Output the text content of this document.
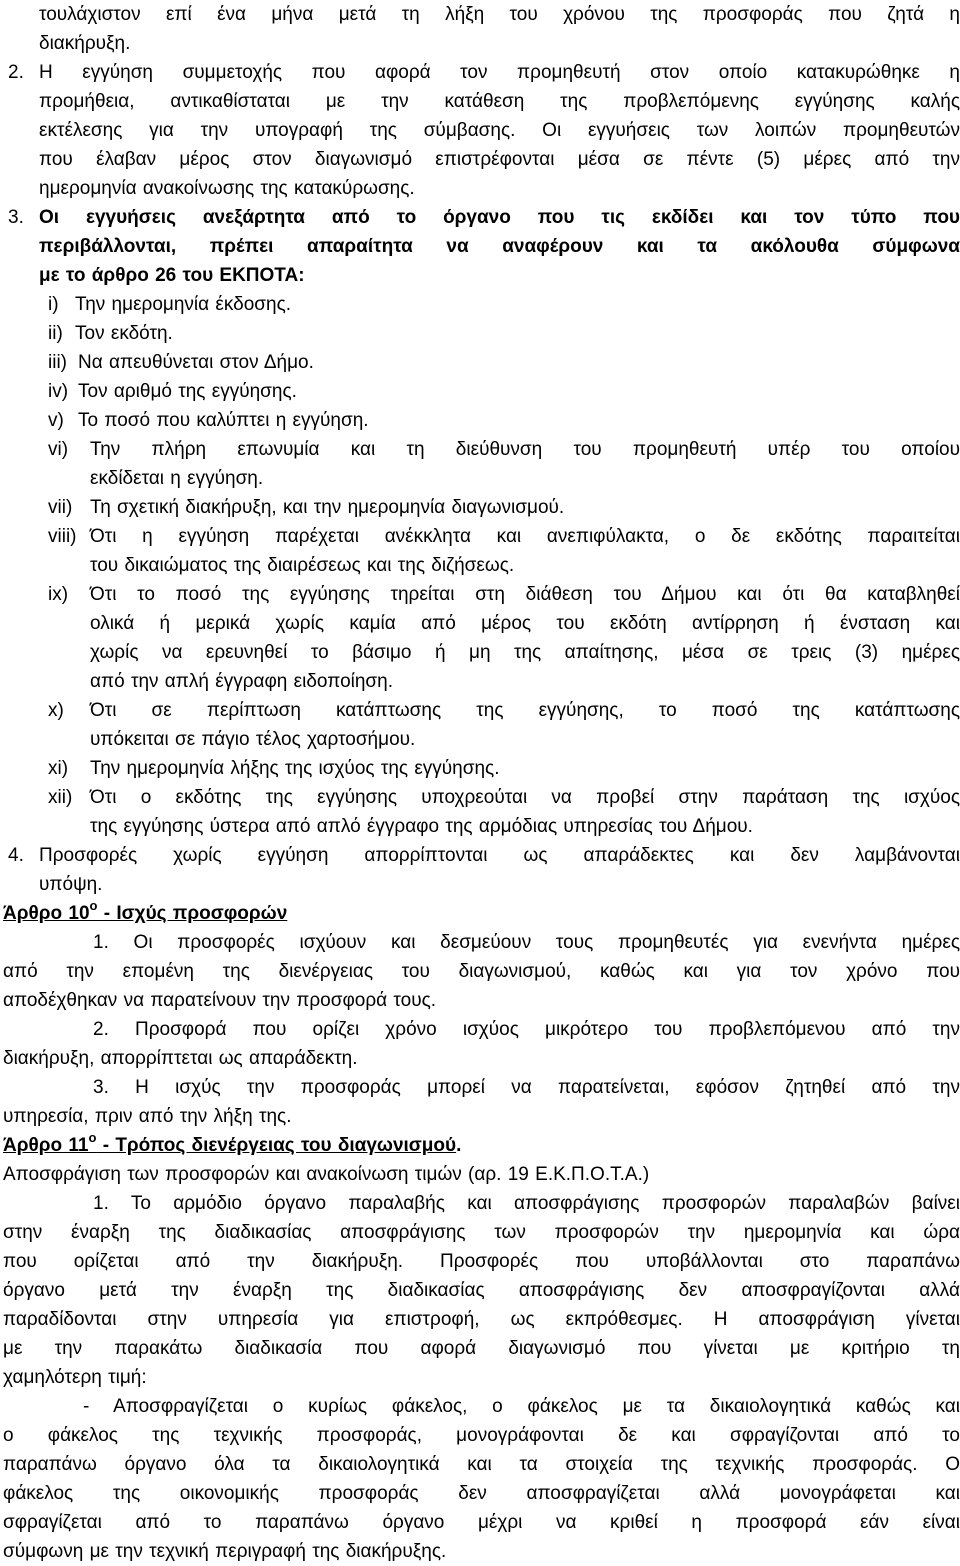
τουλάχιστον επί ένα μήνα μετά τη λήξη του χρόνου της προσφοράς που ζητά η

διακήρυξη.

2. Η εγγύηση συμμετοχής που αφορά τον προμηθευτή στον οποίο κατακυρώθηκε η

προμήθεια, αντικαθίσταται με την κατάθεση της προβλεπόμενης εγγύησης καλής

εκτέλεσης για την υπογραφή της σύμβασης. Οι εγγυήσεις των λοιπών προμηθευτών

που έλαβαν μέρος στον διαγωνισμό επιστρέφονται μέσα σε πέντε (5) μέρες από την

ημερομηνία ανακοίνωσης της κατακύρωσης.

3. Οι εγγυήσεις ανεξάρτητα από το όργανο που τις εκδίδει και τον τύπο που

περιβάλλονται, πρέπει απαραίτητα να αναφέρουν και τα ακόλουθα σύμφωνα

με το άρθρο 26 του ΕΚΠΟΤΑ:

i) Την ημερομηνία έκδοσης.

ii) Τον εκδότη.

iii) Να απευθύνεται στον Δήμο.

iv) Τον αριθμό της εγγύησης.

v) Το ποσό που καλύπτει η εγγύηση.

vi)	Την πλήρη επωνυμία και τη διεύθυνση του προμηθευτή υπέρ του οποίου

εκδίδεται η εγγύηση.

vii) Τη σχετική διακήρυξη, και την ημερομηνία διαγωνισμού.

viii) Ότι η εγγύηση παρέχεται ανέκκλητα και ανεπιφύλακτα, ο δε εκδότης παραιτείται

του δικαιώματος της διαιρέσεως και της διζήσεως.

ix)	Ότι το ποσό της εγγύησης τηρείται στη διάθεση του Δήμου και ότι θα καταβληθεί

ολικά ή μερικά χωρίς καμία από μέρος του εκδότη αντίρρηση ή ένσταση και

χωρίς να ερευνηθεί το βάσιμο ή μη της απαίτησης, μέσα σε τρεις (3) ημέρες

από την απλή έγγραφη ειδοποίηση.

x)	Ότι σε περίπτωση κατάπτωσης της εγγύησης, το ποσό της κατάπτωσης

υπόκειται σε πάγιο τέλος χαρτοσήμου.

xi)	Την ημερομηνία λήξης της ισχύος της εγγύησης.

xii) Ότι ο εκδότης της εγγύησης υποχρεούται να προβεί στην παράταση της ισχύος

της εγγύησης ύστερα από απλό έγγραφο της αρμόδιας υπηρεσίας του Δήμου.

4. Προσφορές χωρίς εγγύηση απορρίπτονται ως απαράδεκτες και δεν λαμβάνονται

υπόψη.

Άρθρο $10^o$ - Ισχύς προσφορών

1. Οι προσφορές ισχύουν και δεσμεύουν τους προμηθευτές για ενενήντα ημέρες

από την επομένη της διενέργειας του διαγωνισμού, καθώς και για τον χρόνο που

αποδέχθηκαν να παρατείνουν την προσφορά τους.

2. Προσφορά που ορίζει χρόνο ισχύος μικρότερο του προβλεπόμενου από την

διακήρυξη, απορρίπτεται ως απαράδεκτη.

3. Η ισχύς την προσφοράς μπορεί να παρατείνεται, εφόσον ζητηθεί από την

υπηρεσία, πριν από την λήξη της.

Άρθρο $11^o$ - Τρόπος διενέργειας του διαγωνισμού.

Αποσφράγιση των προσφορών και ανακοίνωση τιμών (αρ. 19 Ε.Κ.Π.Ο.Τ.Α.)

1. Το αρμόδιο όργανο παραλαβής και αποσφράγισης προσφορών παραλαβών βαίνει

στην έναρξη της διαδικασίας αποσφράγισης των προσφορών την ημερομηνία και ώρα

που ορίζεται από την διακήρυξη. Προσφορές που υποβάλλονται στο παραπάνω

όργανο μετά την έναρξη της διαδικασίας αποσφράγισης δεν αποσφραγίζονται αλλά

παραδίδονται στην υπηρεσία για επιστροφή, ως εκπρόθεσμες. Η αποσφράγιση γίνεται

με την παρακάτω διαδικασία που αφορά διαγωνισμό που γίνεται με κριτήριο τη

χαμηλότερη τιμή:

- Αποσφραγίζεται ο κυρίως φάκελος, ο φάκελος με τα δικαιολογητικά καθώς και

ο φάκελος της τεχνικής προσφοράς, μονογράφονται δε και σφραγίζονται από το

παραπάνω όργανο όλα τα δικαιολογητικά και τα στοιχεία της τεχνικής προσφοράς. Ο

φάκελος της οικονομικής προσφοράς δεν αποσφραγίζεται αλλά μονογράφεται και

σφραγίζεται από το παραπάνω όργανο μέχρι να κριθεί η προσφορά εάν είναι

σύμφωνη με την τεχνική περιγραφή της διακήρυξης.
